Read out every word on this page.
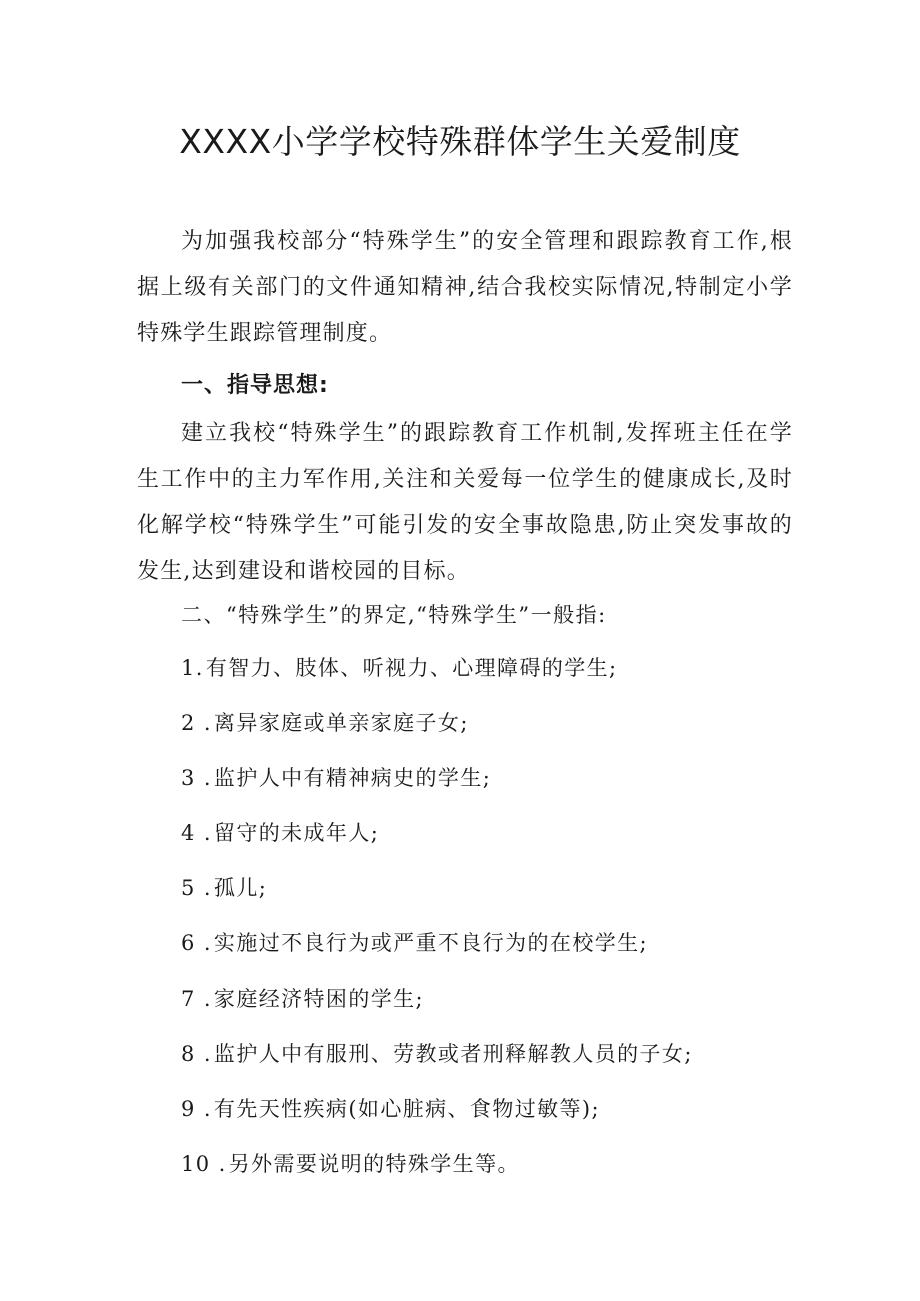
XXXX小学学校特殊群体学生关爱制度

为加强我校部分“特殊学生”的安全管理和跟踪教育工作,根据上级有关部门的文件通知精神,结合我校实际情况,特制定小学特殊学生跟踪管理制度。

一、指导思想:

建立我校“特殊学生”的跟踪教育工作机制,发挥班主任在学生工作中的主力军作用,关注和关爱每一位学生的健康成长,及时化解学校“特殊学生”可能引发的安全事故隐患,防止突发事故的发生,达到建设和谐校园的目标。

二、“特殊学生”的界定,“特殊学生”一般指:
1.有智力、肢体、听视力、心理障碍的学生;
2 .离异家庭或单亲家庭子女;
3 .监护人中有精神病史的学生;
4 .留守的未成年人;
5 .孤儿;
6 .实施过不良行为或严重不良行为的在校学生;
7 .家庭经济特困的学生;
8 .监护人中有服刑、劳教或者刑释解教人员的子女;
9 .有先天性疾病(如心脏病、食物过敏等);
10 .另外需要说明的特殊学生等。
